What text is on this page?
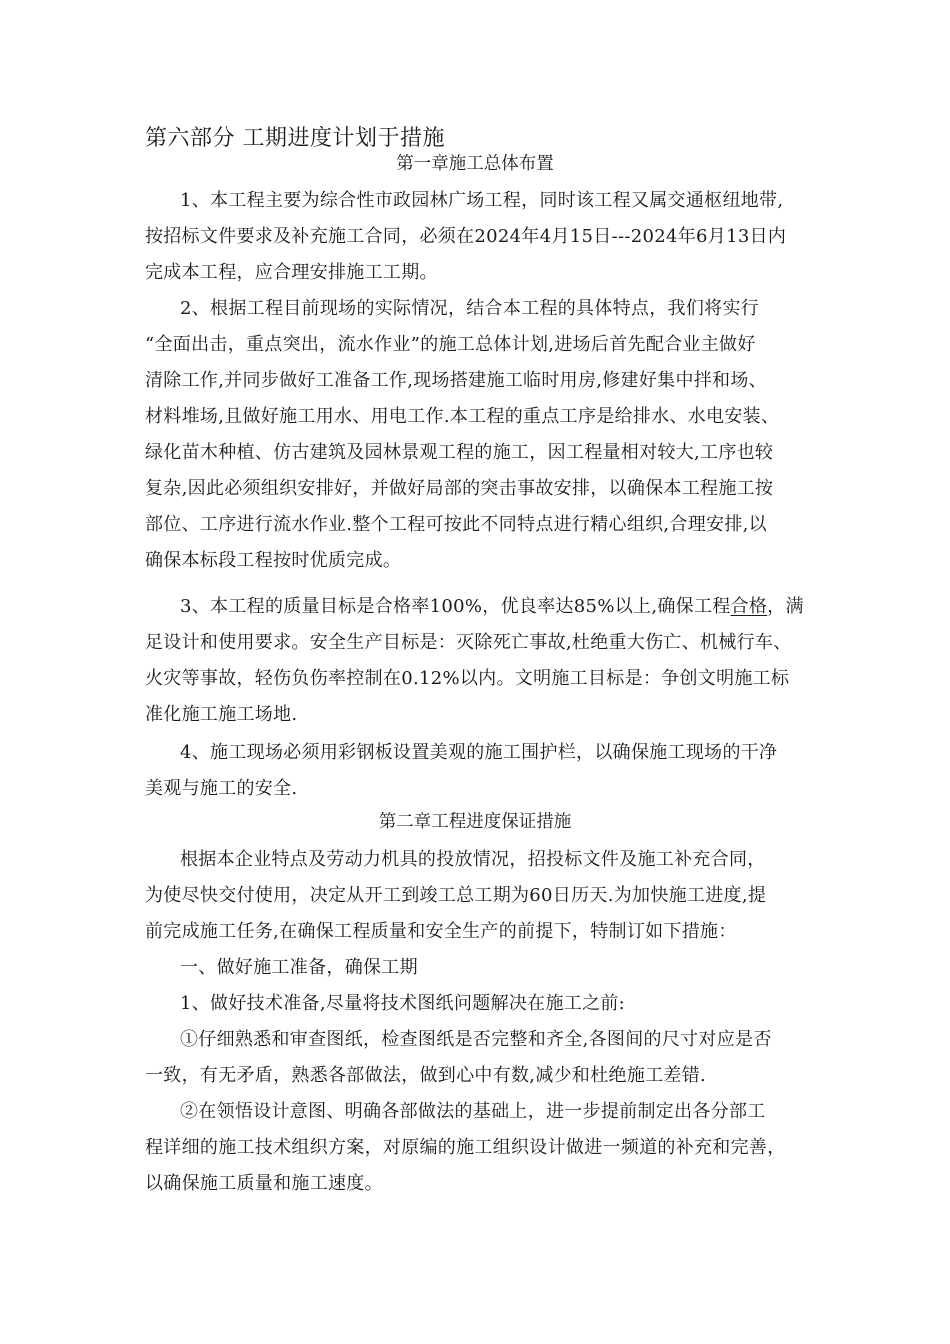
第六部分 工期进度计划于措施
第一章施工总体布置
1、本工程主要为综合性市政园林广场工程，同时该工程又属交通枢纽地带,
按招标文件要求及补充施工合同，必须在2024年4月15日---2024年6月13日内
完成本工程，应合理安排施工工期。
2、根据工程目前现场的实际情况，结合本工程的具体特点，我们将实行
“全面出击，重点突出，流水作业”的施工总体计划,进场后首先配合业主做好
清除工作,并同步做好工准备工作,现场搭建施工临时用房,修建好集中拌和场、
材料堆场,且做好施工用水、用电工作.本工程的重点工序是给排水、水电安装、
绿化苗木种植、仿古建筑及园林景观工程的施工，因工程量相对较大,工序也较
复杂,因此必须组织安排好，并做好局部的突击事故安排，以确保本工程施工按
部位、工序进行流水作业.整个工程可按此不同特点进行精心组织,合理安排,以
确保本标段工程按时优质完成。
3、本工程的质量目标是合格率100%，优良率达85%以上,确保工程合格，满
足设计和使用要求。安全生产目标是：灭除死亡事故,杜绝重大伤亡、机械行车、
火灾等事故，轻伤负伤率控制在0.12%以内。文明施工目标是：争创文明施工标
准化施工施工场地.
4、施工现场必须用彩钢板设置美观的施工围护栏，以确保施工现场的干净
美观与施工的安全.
第二章工程进度保证措施
根据本企业特点及劳动力机具的投放情况，招投标文件及施工补充合同，
为使尽快交付使用，决定从开工到竣工总工期为60日历天.为加快施工进度,提
前完成施工任务,在确保工程质量和安全生产的前提下，特制订如下措施：
一、做好施工准备，确保工期
1、做好技术准备,尽量将技术图纸问题解决在施工之前:
①仔细熟悉和审查图纸，检查图纸是否完整和齐全,各图间的尺寸对应是否
一致，有无矛盾，熟悉各部做法，做到心中有数,减少和杜绝施工差错.
②在领悟设计意图、明确各部做法的基础上，进一步提前制定出各分部工
程详细的施工技术组织方案，对原编的施工组织设计做进一频道的补充和完善，
以确保施工质量和施工速度。
